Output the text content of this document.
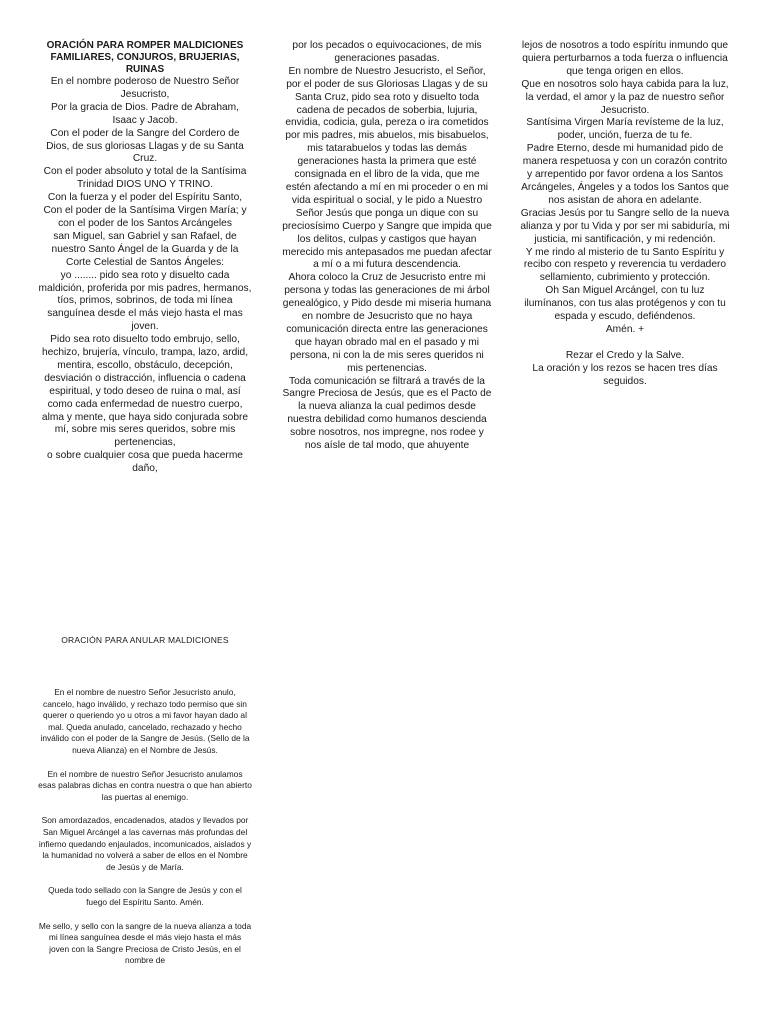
ORACIÓN PARA ROMPER MALDICIONES FAMILIARES, CONJUROS, BRUJERIAS, RUINAS

En el nombre poderoso de Nuestro Señor Jesucristo,

Por la gracia de Dios. Padre de Abraham, Isaac y Jacob.

Con el poder de la Sangre del Cordero de Dios, de sus gloriosas Llagas y de su Santa Cruz.

Con el poder absoluto y total de la Santísima Trinidad DIOS UNO Y TRINO.

Con la fuerza y el poder del Espíritu Santo,

Con el poder de la Santísima Virgen María; y con el poder de los Santos Arcángeles

san Miguel, san Gabriel y san Rafael, de nuestro Santo Ángel de la Guarda y de la Corte Celestial de Santos Ángeles:

yo ........ pido sea roto y disuelto cada maldición, proferida por mis padres, hermanos, tíos, primos, sobrinos, de toda mi línea sanguínea desde el más viejo hasta el mas joven.

Pido sea roto disuelto todo embrujo, sello, hechizo, brujería, vínculo, trampa, lazo, ardid, mentira, escollo, obstáculo, decepción, desviación o distracción, influencia o cadena espiritual, y todo deseo de ruina o mal, así como cada enfermedad de nuestro cuerpo, alma y mente, que haya sido conjurada sobre mí, sobre mis seres queridos, sobre mis pertenencias,

o sobre cualquier cosa que pueda hacerme daño,

por los pecados o equivocaciones, de mis generaciones pasadas.

En nombre de Nuestro Jesucristo, el Señor,

por el poder de sus Gloriosas Llagas y de su Santa Cruz, pido sea roto y disuelto toda cadena de pecados de soberbia, lujuria, envidia, codicia, gula, pereza o ira cometidos por mis padres, mis abuelos, mis bisabuelos, mis tatarabuelos y todas las demás generaciones hasta la primera que esté consignada en el libro de la vida, que me estén afectando a mí en mi proceder o en mi vida espiritual o social, y le pido a Nuestro Señor Jesús que ponga un dique con su preciosísimo Cuerpo y Sangre que impida que los delitos, culpas y castigos que hayan merecido mis antepasados me puedan afectar a mí o a mi futura descendencia.

Ahora coloco la Cruz de Jesucristo entre mi persona y todas las generaciones de mi árbol genealógico, y Pido desde mi miseria humana en nombre de Jesucristo que no haya comunicación directa entre las generaciones que hayan obrado mal en el pasado y mi persona, ni con la de mis seres queridos ni mis pertenencias.

Toda comunicación se filtrará a través de la Sangre Preciosa de Jesús, que es el Pacto de la nueva alianza la cual pedimos desde nuestra debilidad como humanos descienda sobre nosotros, nos impregne, nos rodee y nos aísle de tal modo, que ahuyente

lejos de nosotros a todo espíritu inmundo que quiera perturbarnos a toda fuerza o influencia que tenga origen en ellos.

Que en nosotros solo haya cabida para la luz, la verdad, el amor y la paz de nuestro señor Jesucristo.

Santísima Virgen María revísteme de la luz, poder, unción, fuerza de tu fe.

Padre Eterno, desde mi humanidad pido de manera respetuosa y con un corazón contrito y arrepentido por favor ordena a los Santos Arcángeles, Ángeles y a todos los Santos que nos asistan de ahora en adelante.

Gracias Jesús por tu Sangre sello de la nueva alianza y por tu Vida y por ser mi sabiduría, mi justicia, mi santificación, y mi redención.

Y me rindo al misterio de tu Santo Espíritu y recibo con respeto y reverencia tu verdadero sellamiento, cubrimiento y protección.

Oh San Miguel Arcángel, con tu luz ilumínanos, con tus alas protégenos y con tu espada y escudo, defiéndenos.

Amén. +

Rezar el Credo y la Salve.

La oración y los rezos se hacen tres días seguidos.

ORACIÓN PARA ANULAR MALDICIONES

En el nombre de nuestro Señor Jesucristo anulo, cancelo, hago inválido, y rechazo todo permiso que sin querer o queriendo yo u otros a mi favor hayan dado al mal. Queda anulado, cancelado, rechazado y hecho inválido con el poder de la Sangre de Jesús. (Sello de la nueva Alianza) en el Nombre de Jesús.

En el nombre de nuestro Señor Jesucristo anulamos esas palabras dichas en contra nuestra o que han abierto las puertas al enemigo.

Son amordazados, encadenados, atados y llevados por San Miguel Arcángel a las cavernas más profundas del infierno quedando enjaulados, incomunicados, aislados y la humanidad no volverá a saber de ellos en el Nombre de Jesús y de María.

Queda todo sellado con la Sangre de Jesús y con el fuego del Espíritu Santo. Amén.

Me sello, y sello con la sangre de la nueva alianza a toda mi línea sanguínea desde el más viejo hasta el más joven con la Sangre Preciosa de Cristo Jesús, en el nombre de
